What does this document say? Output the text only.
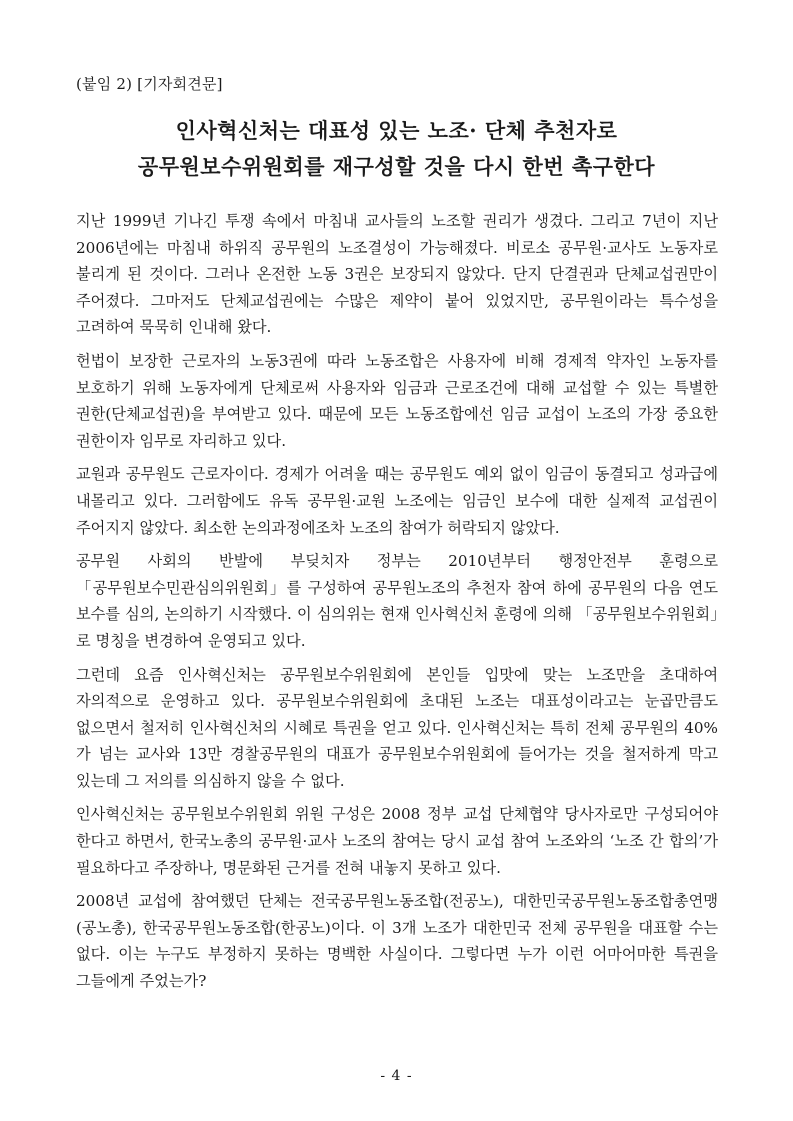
(붙임 2) [기자회견문]
인사혁신처는 대표성 있는 노조· 단체 추천자로
공무원보수위원회를 재구성할 것을 다시 한번 촉구한다

지난 1999년 기나긴 투쟁 속에서 마침내 교사들의 노조할 권리가 생겼다. 그리고 7년이 지난 2006년에는 마침내 하위직 공무원의 노조결성이 가능해졌다. 비로소 공무원·교사도 노동자로 불리게 된 것이다. 그러나 온전한 노동 3권은 보장되지 않았다. 단지 단결권과 단체교섭권만이 주어졌다. 그마저도 단체교섭권에는 수많은 제약이 붙어 있었지만, 공무원이라는 특수성을 고려하여 묵묵히 인내해 왔다.

헌법이 보장한 근로자의 노동3권에 따라 노동조합은 사용자에 비해 경제적 약자인 노동자를 보호하기 위해 노동자에게 단체로써 사용자와 임금과 근로조건에 대해 교섭할 수 있는 특별한 권한(단체교섭권)을 부여받고 있다. 때문에 모든 노동조합에선 임금 교섭이 노조의 가장 중요한 권한이자 임무로 자리하고 있다.

교원과 공무원도 근로자이다. 경제가 어려울 때는 공무원도 예외 없이 임금이 동결되고 성과급에 내몰리고 있다. 그러함에도 유독 공무원·교원 노조에는 임금인 보수에 대한 실제적 교섭권이 주어지지 않았다. 최소한 논의과정에조차 노조의 참여가 허락되지 않았다.

공무원 사회의 반발에 부딪치자 정부는 2010년부터 행정안전부 훈령으로「공무원보수민관심의위원회」를 구성하여 공무원노조의 추천자 참여 하에 공무원의 다음 연도 보수를 심의, 논의하기 시작했다. 이 심의위는 현재 인사혁신처 훈령에 의해 「공무원보수위원회」로 명칭을 변경하여 운영되고 있다.

그런데 요즘 인사혁신처는 공무원보수위원회에 본인들 입맛에 맞는 노조만을 초대하여 자의적으로 운영하고 있다. 공무원보수위원회에 초대된 노조는 대표성이라고는 눈곱만큼도 없으면서 철저히 인사혁신처의 시혜로 특권을 얻고 있다. 인사혁신처는 특히 전체 공무원의 40%가 넘는 교사와 13만 경찰공무원의 대표가 공무원보수위원회에 들어가는 것을 철저하게 막고 있는데 그 저의를 의심하지 않을 수 없다.

인사혁신처는 공무원보수위원회 위원 구성은 2008 정부 교섭 단체협약 당사자로만 구성되어야 한다고 하면서, 한국노총의 공무원·교사 노조의 참여는 당시 교섭 참여 노조와의 ‘노조 간 합의’가 필요하다고 주장하나, 명문화된 근거를 전혀 내놓지 못하고 있다.

2008년 교섭에 참여했던 단체는 전국공무원노동조합(전공노), 대한민국공무원노동조합총연맹(공노총), 한국공무원노동조합(한공노)이다. 이 3개 노조가 대한민국 전체 공무원을 대표할 수는 없다. 이는 누구도 부정하지 못하는 명백한 사실이다. 그렇다면 누가 이런 어마어마한 특권을 그들에게 주었는가?

- 4 -
